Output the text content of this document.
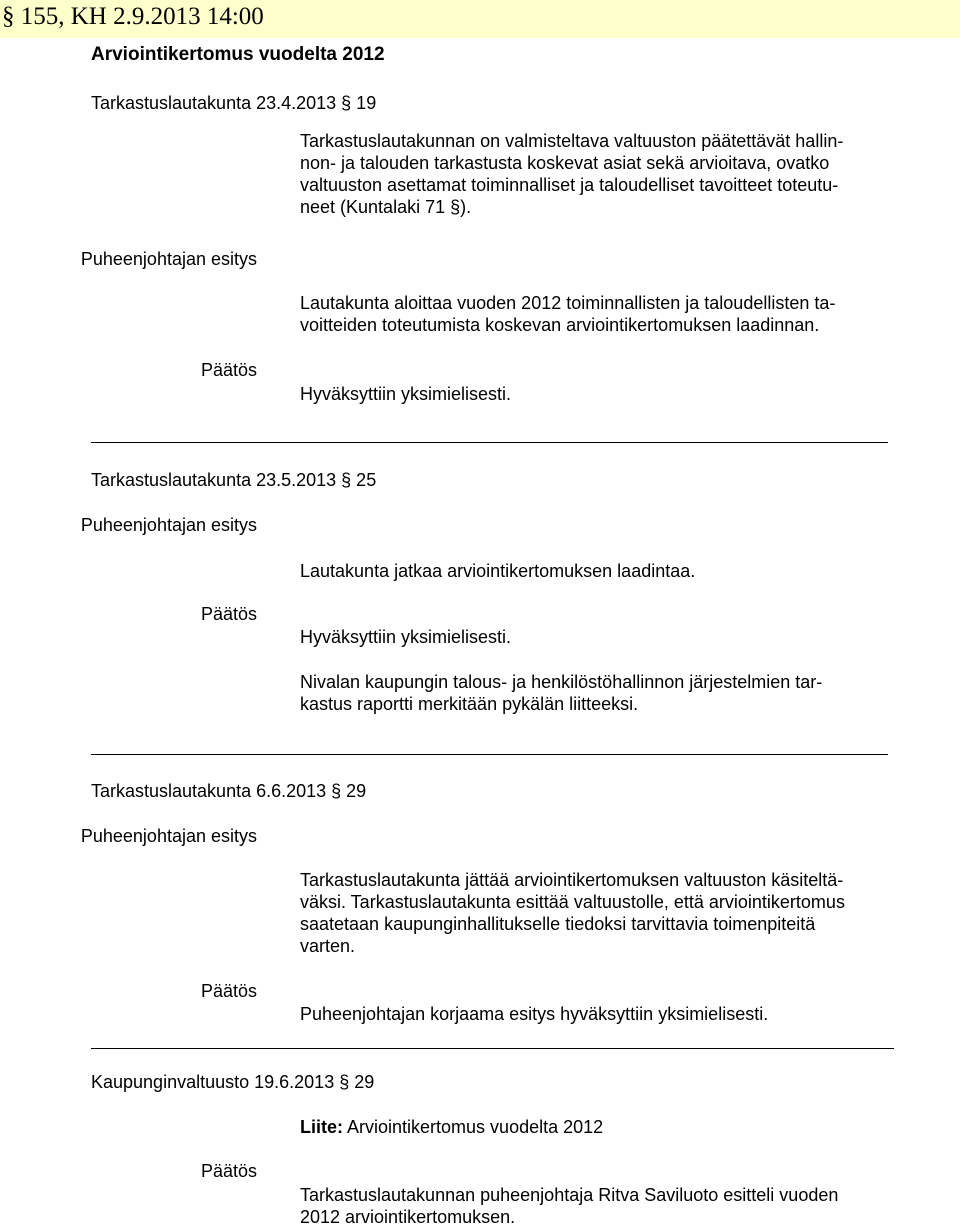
§ 155, KH 2.9.2013 14:00
Arviointikertomus vuodelta 2012
Tarkastuslautakunta 23.4.2013 § 19
Tarkastuslautakunnan on valmisteltava valtuuston päätettävät hallin-
non- ja talouden tarkastusta koskevat asiat sekä arvioitava, ovatko
valtuuston asettamat toiminnalliset ja taloudelliset tavoitteet toteutu-
neet (Kuntalaki 71 §).
Puheenjohtajan esitys
Lautakunta aloittaa vuoden 2012 toiminnallisten ja taloudellisten ta-
voitteiden toteutumista koskevan arviointikertomuksen laadinnan.
Päätös
Hyväksyttiin yksimielisesti.
Tarkastuslautakunta 23.5.2013 § 25
Puheenjohtajan esitys
Lautakunta jatkaa arviointikertomuksen laadintaa.
Päätös
Hyväksyttiin yksimielisesti.
Nivalan kaupungin talous- ja henkilöstöhallinnon järjestelmien tar-
kastus raportti merkitään pykälän liitteeksi.
Tarkastuslautakunta 6.6.2013 § 29
Puheenjohtajan esitys
Tarkastuslautakunta jättää arviointikertomuksen valtuuston käsiteltä-
väksi. Tarkastuslautakunta esittää valtuustolle, että arviointikertomus
saatetaan kaupunginhallitukselle tiedoksi tarvittavia toimenpiteitä
varten.
Päätös
Puheenjohtajan korjaama esitys hyväksyttiin yksimielisesti.
Kaupunginvaltuusto 19.6.2013 § 29
Liite: Arviointikertomus vuodelta 2012
Päätös
Tarkastuslautakunnan puheenjohtaja Ritva Saviluoto esitteli vuoden
2012 arviointikertomuksen.
